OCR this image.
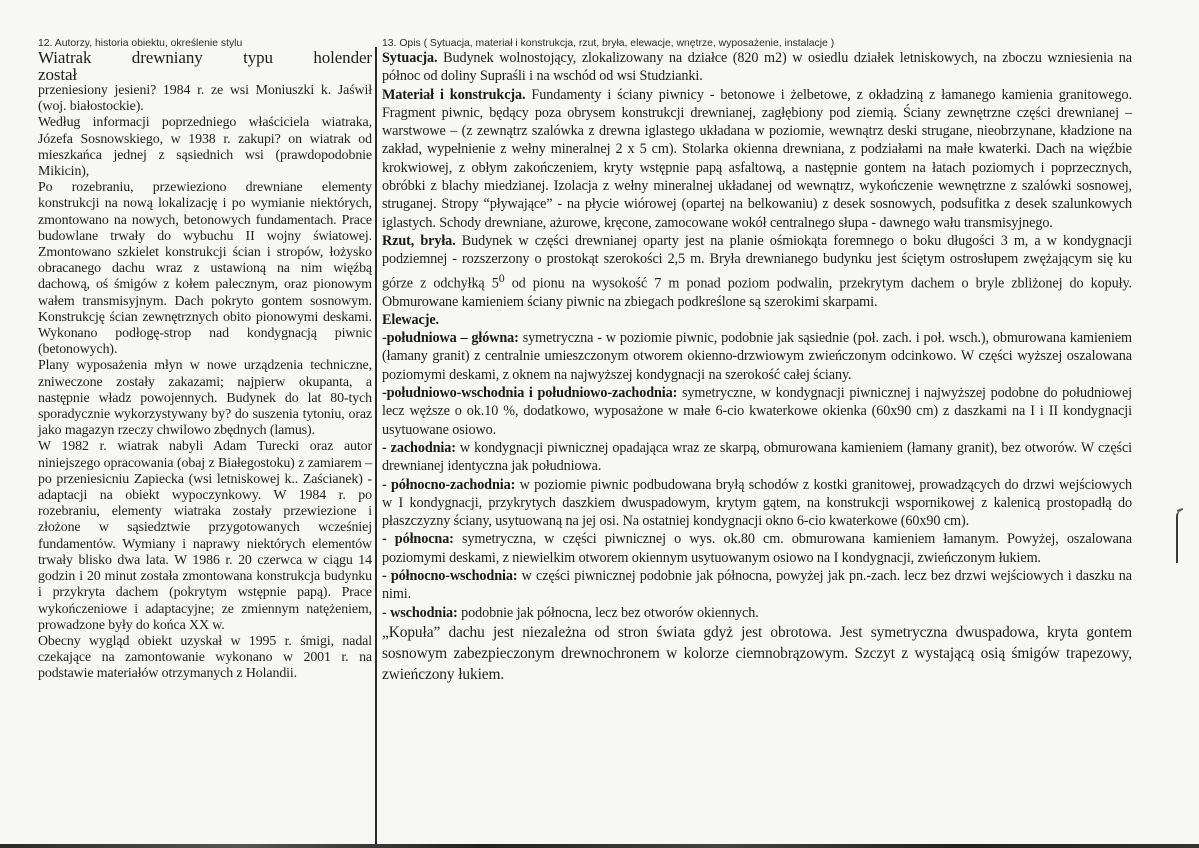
12. Autorzy, historia obiektu, określenie stylu

Wiatrak drewniany typu holender został

przeniesiony jesieni? 1984 r. ze wsi Moniuszki k. Jaświł (woj. białostockie).

Według informacji poprzedniego właściciela wiatraka, Józefa Sosnowskiego, w 1938 r. zakupi? on wiatrak od mieszkańca jednej z sąsiednich wsi (prawdopodobnie Mikicin),

Po rozebraniu, przewieziono drewniane elementy konstrukcji na nową lokalizację i po wymianie niektórych, zmontowano na nowych, betonowych fundamentach. Prace budowlane trwały do wybuchu II wojny światowej. Zmontowano szkielet konstrukcji ścian i stropów, łożysko obracanego dachu wraz z ustawioną na nim więźbą dachową, oś śmigów z kołem palecznym, oraz pionowym wałem transmisyjnym. Dach pokryto gontem sosnowym. Konstrukcję ścian zewnętrznych obito pionowymi deskami. Wykonano podłogę-strop nad kondygnacją piwnic (betonowych).

Plany wyposażenia młyn w nowe urządzenia techniczne, zniweczone zostały zakazami; najpierw okupanta, a następnie władz powojennych. Budynek do lat 80-tych sporadycznie wykorzystywany by? do suszenia tytoniu, oraz jako magazyn rzeczy chwilowo zbędnych (lamus).

W 1982 r. wiatrak nabyli Adam Turecki oraz autor niniejszego opracowania (obaj z Białegostoku) z zamiarem – po przeniesicniu Zapiecka (wsi letniskowej k.. Zaścianek) - adaptacji na obiekt wypoczynkowy. W 1984 r. po rozebraniu, elementy wiatraka zostały przewiezione i złożone w sąsiedztwie przygotowanych wcześniej fundamentów. Wymiany i naprawy niektórych elementów trwały blisko dwa lata. W 1986 r. 20 czerwca w ciągu 14 godzin i 20 minut została zmontowana konstrukcja budynku i przykryta dachem (pokrytym wstępnie papą). Prace wykończeniowe i adaptacyjne; ze zmiennym natężeniem, prowadzone były do końca XX w.

Obecny wygląd obiekt uzyskał w 1995 r. śmigi, nadal czekające na zamontowanie wykonano w 2001 r. na podstawie materiałów otrzymanych z Holandii.

13. Opis ( Sytuacja, materiał i konstrukcja, rzut, bryła, elewacje, wnętrze, wyposażenie, instalacje )

Sytuacja. Budynek wolnostojący, zlokalizowany na działce (820 m2) w osiedlu działek letniskowych, na zboczu wzniesienia na północ od doliny Supraśli i na wschód od wsi Studzianki.

Materiał i konstrukcja. Fundamenty i ściany piwnicy - betonowe i żelbetowe, z okładziną z łamanego kamienia granitowego. Fragment piwnic, będący poza obrysem konstrukcji drewnianej, zagłębiony pod ziemią. Ściany zewnętrzne części drewnianej – warstwowe – (z zewnątrz szalówka z drewna iglastego układana w poziomie, wewnątrz deski strugane, nieobrzynane, kładzione na zakład, wypełnienie z wełny mineralnej 2 x 5 cm). Stolarka okienna drewniana, z podziałami na małe kwaterki. Dach na więźbie krokwiowej, z obłym zakończeniem, kryty wstępnie papą asfaltową, a następnie gontem na łatach poziomych i poprzecznych, obróbki z blachy miedzianej. Izolacja z wełny mineralnej układanej od wewnątrz, wykończenie wewnętrzne z szalówki sosnowej, struganej. Stropy “pływające” - na płycie wiórowej (opartej na belkowaniu) z desek sosnowych, podsufitka z desek szalunkowych iglastych. Schody drewniane, ażurowe, kręcone, zamocowane wokół centralnego słupa - dawnego wału transmisyjnego.

Rzut, bryła. Budynek w części drewnianej oparty jest na planie ośmiokąta foremnego o boku długości 3 m, a w kondygnacji podziemnej - rozszerzony o prostokąt szerokości 2,5 m. Bryła drewnianego budynku jest ściętym ostrosłupem zwężającym się ku górze z odchyłką $5^0$ od pionu na wysokość 7 m ponad poziom podwalin, przekrytym dachem o bryle zbliżonej do kopuły. Obmurowane kamieniem ściany piwnic na zbiegach podkreślone są szerokimi skarpami.

Elewacje.

-południowa – główna: symetryczna - w poziomie piwnic, podobnie jak sąsiednie (poł. zach. i poł. wsch.), obmurowana kamieniem (łamany granit) z centralnie umieszczonym otworem okienno-drzwiowym zwieńczonym odcinkowo. W części wyższej oszalowana poziomymi deskami, z oknem na najwyższej kondygnacji na szerokość całej ściany.

-południowo-wschodnia i południowo-zachodnia: symetryczne, w kondygnacji piwnicznej i najwyższej podobne do południowej lecz węższe o ok.10 %, dodatkowo, wyposażone w małe 6-cio kwaterkowe okienka (60x90 cm) z daszkami na I i II kondygnacji usytuowane osiowo.

- zachodnia: w kondygnacji piwnicznej opadająca wraz ze skarpą, obmurowana kamieniem (łamany granit), bez otworów. W części drewnianej identyczna jak południowa.

- północno-zachodnia: w poziomie piwnic podbudowana bryłą schodów z kostki granitowej, prowadzących do drzwi wejściowych w I kondygnacji, przykrytych daszkiem dwuspadowym, krytym gątem, na konstrukcji wspornikowej z kalenicą prostopadłą do płaszczyzny ściany, usytuowaną na jej osi. Na ostatniej kondygnacji okno 6-cio kwaterkowe (60x90 cm).

- północna: symetryczna, w części piwnicznej o wys. ok.80 cm. obmurowana kamieniem łamanym. Powyżej, oszalowana poziomymi deskami, z niewielkim otworem okiennym usytuowanym osiowo na I kondygnacji, zwieńczonym łukiem.

- północno-wschodnia: w części piwnicznej podobnie jak północna, powyżej jak pn.-zach. lecz bez drzwi wejściowych i daszku na nimi.

- wschodnia: podobnie jak północna, lecz bez otworów okiennych.

„Kopuła” dachu jest niezależna od stron świata gdyż jest obrotowa. Jest symetryczna dwuspadowa, kryta gontem sosnowym zabezpieczonym drewnochronem w kolorze ciemnobrązowym. Szczyt z wystającą osią śmigów trapezowy, zwieńczony łukiem.
